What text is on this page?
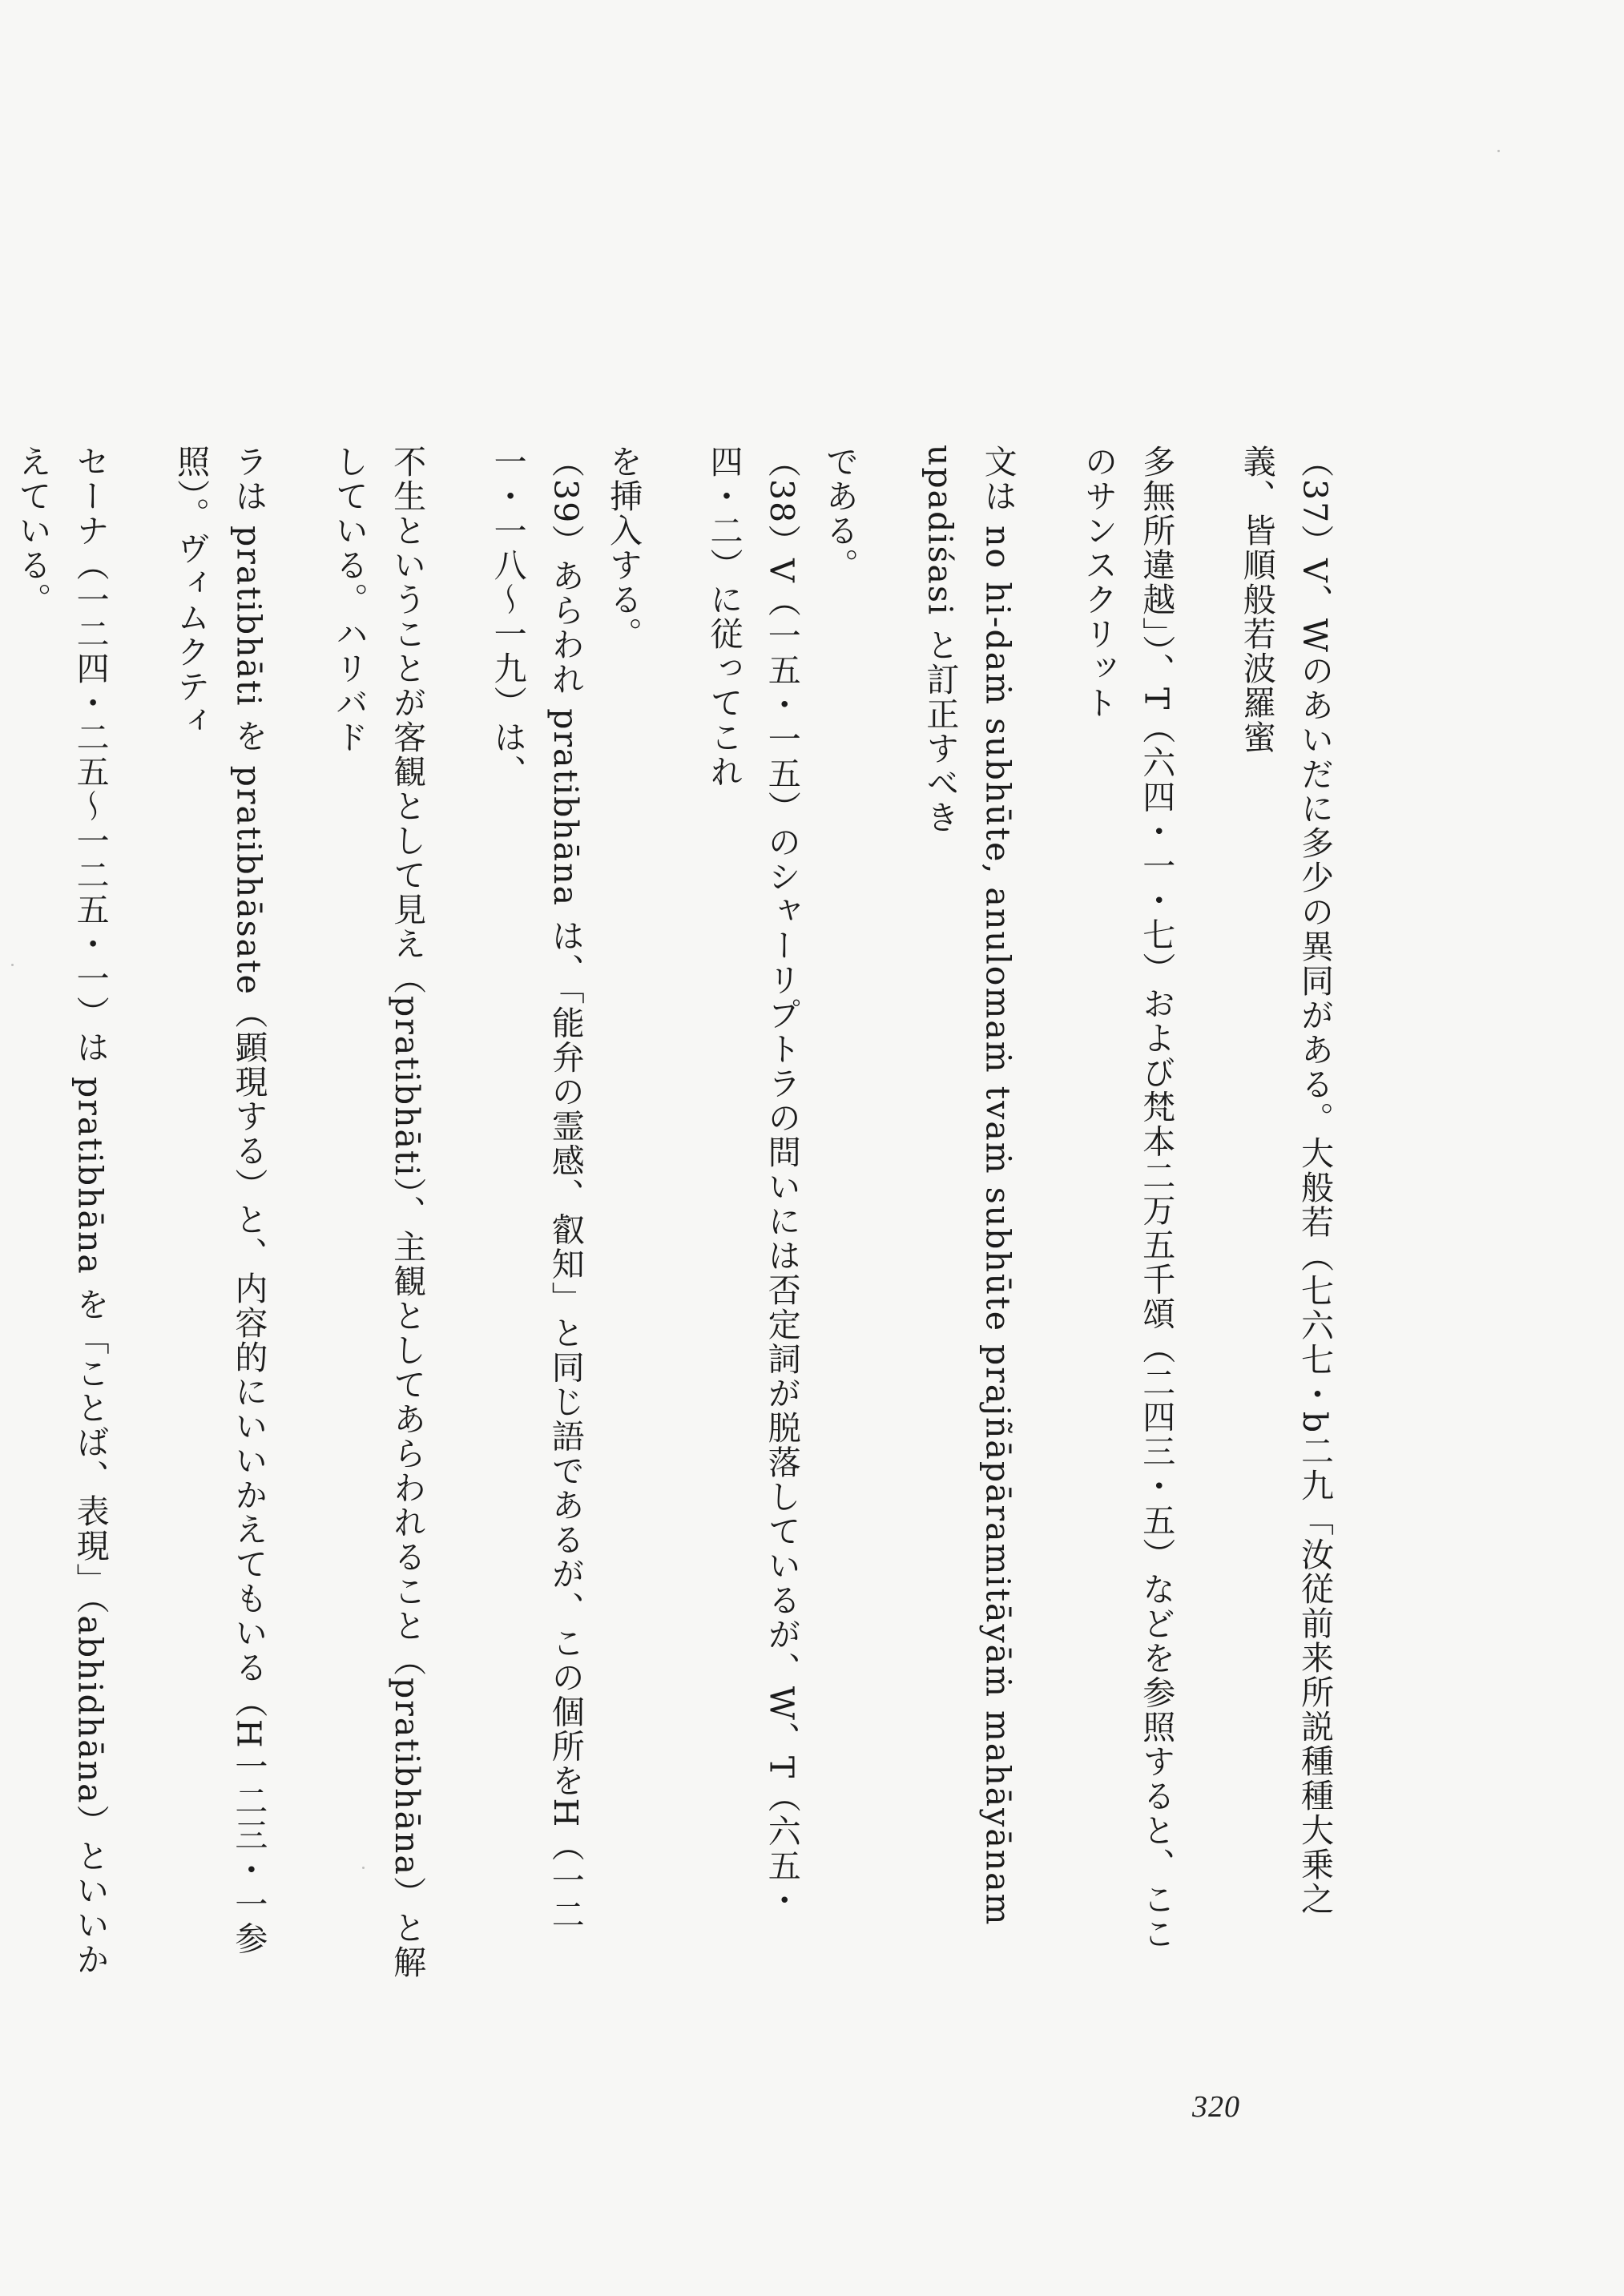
（37）V、Wのあいだに多少の異同がある。大般若（七六七・b二九「汝従前来所説種種大乗之義、皆順般若波羅蜜
多無所違越」）、T（六四・一・七）および梵本二万五千頌（二四三・五）などを参照すると、ここのサンスクリット
文は no hi-daṁ subhūte, anulomaṁ tvaṁ subhūte prajñāpāramitāyāṁ mahāyānam upadiśasi と訂正すべき
である。
（38）V（一五・一五）のシャーリプトラの問いには否定詞が脱落しているが、W、T（六五・四・二）に従ってこれ
を挿入する。
（39）あらわれ pratibhāna は、「能弁の霊感、叡知」と同じ語であるが、この個所をH（一二一・一八〜一九）は、
不生ということが客観として見え（pratibhāti）、主観としてあらわれること（pratibhāna）と解している。ハリバド
ラは pratibhāti を pratibhāsate（顕現する）と、内容的にいいかえてもいる（H一二三・一参照）。ヴィムクティ
セーナ（一二四・二五〜一二五・一）は pratibhāna を「ことば、表現」（abhidhāna）といいかえている。
320
